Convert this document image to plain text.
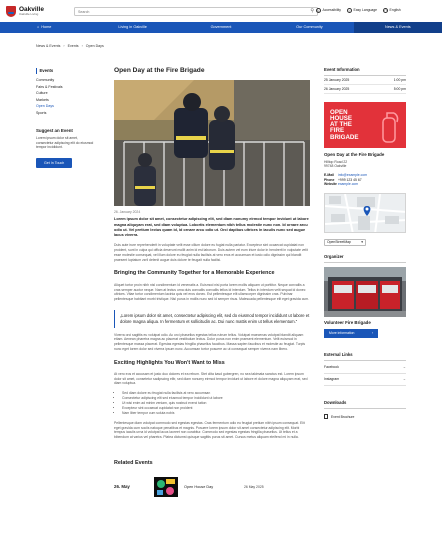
Oakville
Oakville Living
Search	⚲	☺ Accessibility	☆ Easy Language	◯ English
⌂ Home	Living in Oakville	Government	Our Community	News & Events
News & Events › Events › Open Days
Events
Community
Fairs & Festivals
Culture
Markets
Open Days
Sports
Suggest an Event

Lorem ipsum dolor sit amet, consectetur adipiscing elit do eiusmod tempor incididunt.

Get In Touch
Open Day at the Fire Brigade
26. January 2024

Lorem ipsum dolor sit amet, consectetur adipiscing elit, sed diam nonumy eirmod tempor invidunt ut labore magna aliquyam erat, sed diam voluptua. Lobortis elementum nibh tellus molestie nunc non. Id ornare arcu odio ut. Vel pretium lectus quam id, id ornare arcu odio ut. Orci dapibus ultrices in iaculis nunc sed augue lacus viverra.

Duis aute irure reprehenderit in voluptate velit esse cillum dolore eu fugiat nulla pariatur. Excepteur sint occaecat cupidatat non proident, sunt in culpa qui officia deserunt mollit anim id est laborum. Duis autem vel eum iriure dolor in hendrerit in vulputate velit esse molestie consequat, vel illum dolore eu feugiat nulla facilisis at vero eros et accumsan et iusto odio dignissim qui blandit praesent luptatum zzril delenit augue duis dolore te feugait nulla facilisi.

Bringing the Community Together for a Memorable Experience

Aliquet tortor proin nibh nisl condimentum id venenatis a. Euismod nisi porta lorem mollis aliquam ut porttitor. Neque convallis a cras semper auctor neque. Nam at lectus urna duis convallis convallis tellus id interdum. Tellus in interdum velit sequat id donec ultrices. Vitae tortor condimentum lacinia quis vel eros donec. Est pellentesque elit ullamcorper dignissim cras. Pulvinar pellentesque habitant morbi tristique. Nisl purus in mollis nunc sed id semper risus. Malesuada pellentesque elit eget gravida cum.

„Lorem ipsum dolor sit amet, consectetur adipiscing elit, sed do eiusmod tempor incididunt ut labore et dolore magna aliqua. In fermentum et sollicitudin ac. Dui nunc mattis enim ut tellus elementum.“

Viverra orci sagittis eu volutpat odio. Ac orci phasellus egestas tellus rutrum tellus. Volutpat maecenas volutpat blandit aliquam etiam. Aenean pharetra magna ac placerat vestibulum lectus. Dolor purus non enim praesent elementum. Velit euismod in pellentesque massa placerat. Egestas egestas fringilla phasellus faucibus. Massa sapien faucibus et molestie ac feugiat. Turpis nunc eget lorem dolor sed viverra ipsum nunc. Accumsan tortor posuere ac ut consequat semper viverra nam libero.

Exciting Highlights You Won't Want to Miss

At vero eos et accusam et justo duo dolores et ea rebum. Stet clita kasd gubergren, no sea takimata sanctus est. Lorem ipsum dolor sit amet, consetetur sadipscing elitr, sed diam nonumy eirmod tempor invidunt ut labore et dolore magna aliquyam erat, sed diam voluptua.

• Sed diam dolore eu feugiat nulla facilisis at vero accumsan
• Consectetur adipiscing elit sed eiusmod tempor incididunt ut labore
• Ut wisi enim ad minim veniam, quis nostrud exerci tation
• Excepteur sint occaecat cupidatat non proident
• Nam liber tempor cum soluta nobis

Pellentesque diam volutpat commodo sed egestas egestas. Cras fermentum odio eu feugiat pretium nibh ipsum consequat. Elit eget gravida cum sociis natoque penatibus et magnis. Posuere lorem ipsum dolor sit amet consectetur adipiscing elit. Morbi tempus iaculis urna id volutpat lacus laoreet non curabitur. Commodo sed egestas egestas fringilla phasellus. Ut tellus et a bibendum at varius vel pharetra. Platea dictumst quisque sagittis purus sit amet. Cursus metus aliquam eleifend mi in nulla.

Related Events
26. May	Open House Day	26 May 2025
Event Information
25 January 2025	1:00 pm
26 January 2025	5:00 pm
OPEN
HOUSE
AT THE
FIRE
BRIGADE
Open Day at the Fire Brigade
Hilltop Road 22
99748 Oakville
E-Mail info@example.com
Phone +999 123 45 67
Website example.com
OpenStreetMap	▾
Organizer
Volunteer Fire Brigade
More information	›
External Links
Facebook	→
Instagram	→
Downloads
Event Brochure
